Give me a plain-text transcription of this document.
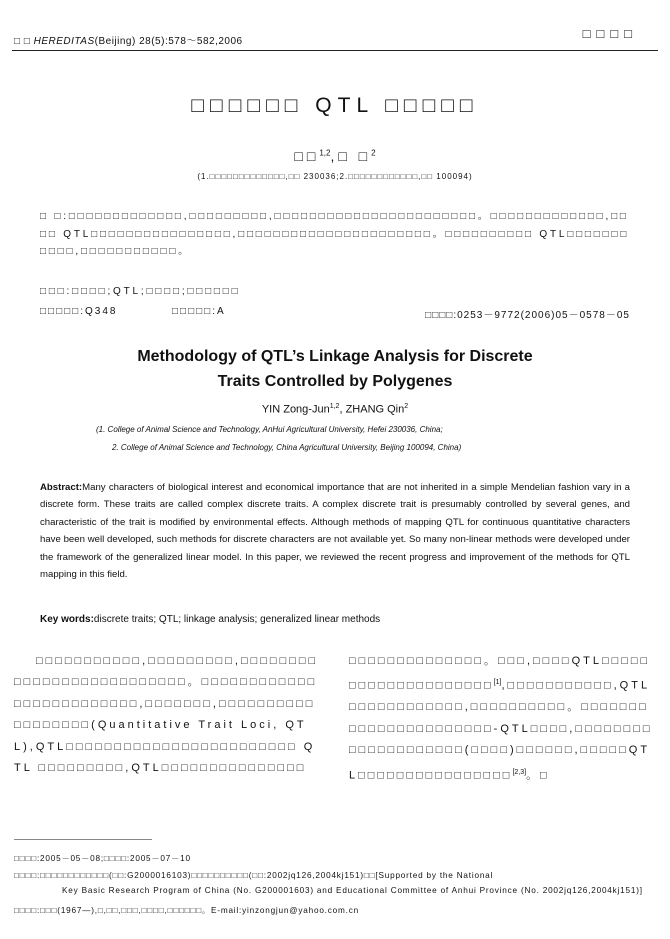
□ □ HEREDITAS(Beijing) 28(5):578～582,2006
□□□□
□□□□□□ QTL □□□□□
□□$^{1,2}$,□ □$^2$
(1.□□□□□□□□□□□□□,□□ 230036;2.□□□□□□□□□□□□,□□ 100094)
□ □:□□□□□□□□□□□□□,□□□□□□□□□,□□□□□□□□□□□□□□□□□□□□□□□。□□□□□□□□□□□□□,□□□□ QTL□□□□□□□□□□□□□□□□,□□□□□□□□□□□□□□□□□□□□□□。□□□□□□□□□□ QTL□□□□□□□□□□□,□□□□□□□□□□□。
□□□:□□□□;QTL;□□□□;□□□□□□
□□□□□:Q348	□□□□□:A	□□□□:0253－9772(2006)05－0578－05
Methodology of QTL’s Linkage Analysis for Discrete
Traits Controlled by Polygenes
YIN Zong-Jun$^{1,2}$, ZHANG Qin$^2$
(1. College of Animal Science and Technology, AnHui Agricultural University, Hefei 230036, China;
2. College of Animal Science and Technology, China Agricultural University, Beijing 100094, China)
Abstract:Many characters of biological interest and economical importance that are not inherited in a simple Mendelian fashion vary in a discrete form. These traits are called complex discrete traits. A complex discrete trait is presumably controlled by several genes, and characteristic of the trait is modified by environmental effects. Although methods of mapping QTL for continuous quantitative characters have been well developed, such methods for discrete characters are not available yet. So many non-linear methods were developed under the framework of the generalized linear model. In this paper, we reviewed the recent progress and improvement of the methods for QTL mapping in this field.
Key words:discrete traits; QTL; linkage analysis; generalized linear methods
□□□□□□□□□□□,□□□□□□□□□,□□□□□□□□□□□□□□□□□□□□□□□□□□。□□□□□□□□□□□□□□□□□□□□□□□□□,□□□□□□□,□□□□□□□□□□□□□□□□□□(Quantitative Trait Loci, QTL),QTL□□□□□□□□□□□□□□□□□□□□□□□□ QTL □□□□□□□□□,QTL□□□□□□□□□□□□□□□
□□□□□□□□□□□□□□。□□□,□□□□QTL□□□□□□□□□□□□□□□□□□□□[1],□□□□□□□□□□□,QTL□□□□□□□□□□□□,□□□□□□□□□□。□□□□□□□□□□□□□□□□□□□□□□-QTL□□□□,□□□□□□□□□□□□□□□□□□□□(□□□□)□□□□□□,□□□□□QTL□□□□□□□□□□□□□□□□[2,3]。□
□□□□:2005－05－08;□□□□:2005－07－10
□□□□:□□□□□□□□□□□□(□□:G2000016103)□□□□□□□□□□(□□:2002jq126,2004kj151)□□[Supported by the National
Key Basic Research Program of China (No. G200001603) and Educational Committee of Anhui Province (No. 2002jq126,2004kj151)]
□□□□:□□□(1967—),□,□□,□□□,□□□□,□□□□□□。E-mail:yinzongjun@yahoo.com.cn
